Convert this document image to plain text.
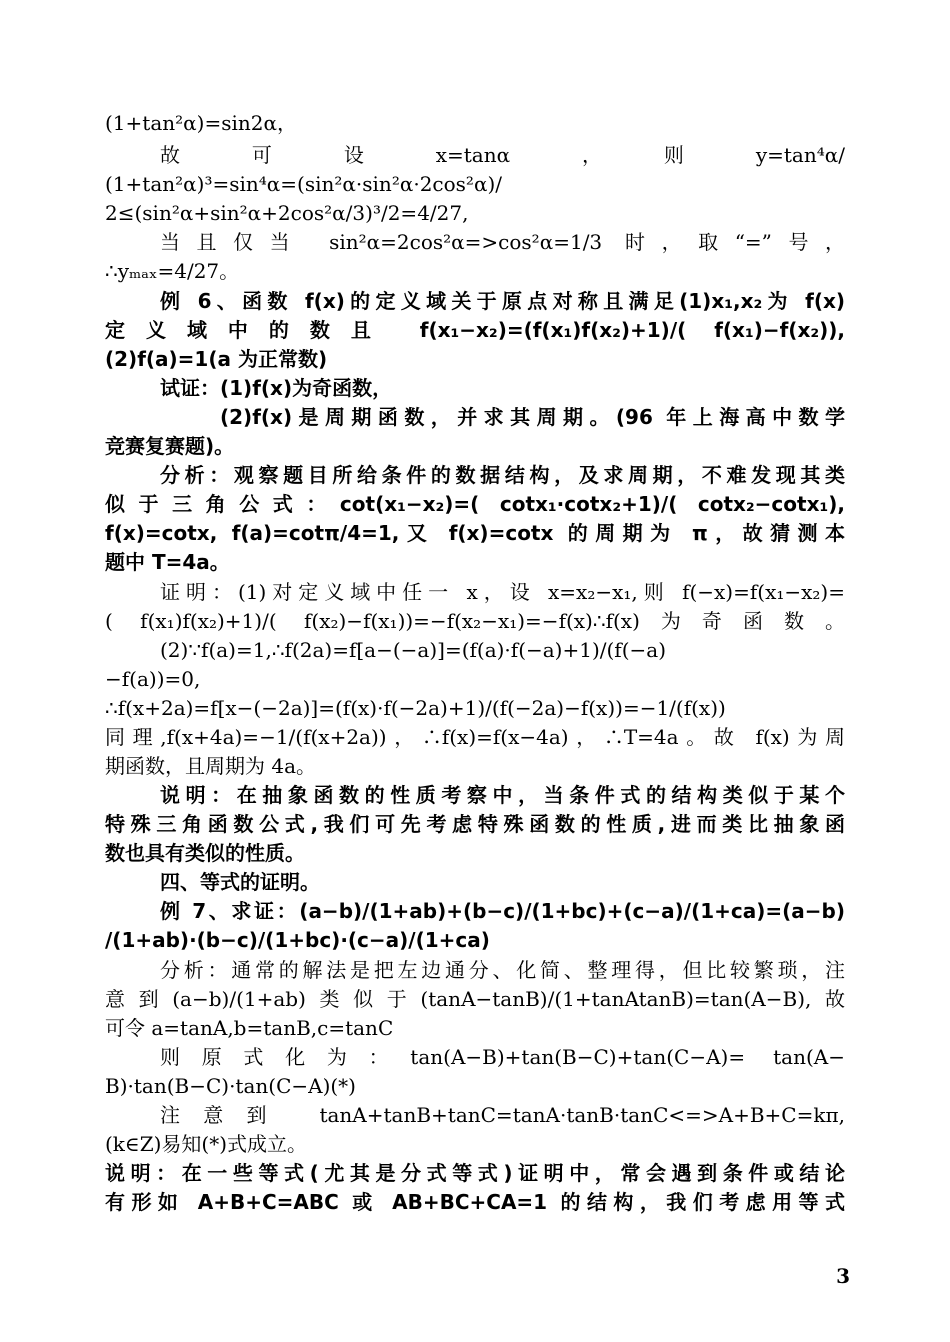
(1+tan²α)=sin2α，
故　可　设　x=tanα　，　则　y=tan⁴α/
(1+tan²α)³=sin⁴α=(sin²α·sin²α·2cos²α)/
2≤(sin²α+sin²α+2cos²α/3)³/2=4/27,
当且仅当 sin²α=2cos²α=>cos²α=1/3 时，取“=”号，
∴yₘₐₓ=4/27。
例 6、函数 f(x)的定义域关于原点对称且满足(1)x₁,x₂为 f(x)
定义域中的数且 f(x₁−x₂)=(f(x₁)f(x₂)+1)/( f(x₁)−f(x₂)),
(2)f(a)=1(a 为正常数)
试证：(1)f(x)为奇函数，
(2)f(x)是周期函数，并求其周期。(96 年上海高中数学
竞赛复赛题)。
分析：观察题目所给条件的数据结构，及求周期，不难发现其类
似于三角公式：cot(x₁−x₂)=( cotx₁·cotx₂+1)/( cotx₂−cotx₁),
f(x)=cotx, f(a)=cotπ/4=1,又 f(x)=cotx 的周期为 π，故猜测本
题中 T=4a。
证明：(1)对定义域中任一 x，设 x=x₂−x₁,则 f(−x)=f(x₁−x₂)=
( f(x₁)f(x₂)+1)/( f(x₂)−f(x₁))=−f(x₂−x₁)=−f(x)∴f(x)为奇函数。
(2)∵f(a)=1,∴f(2a)=f[a−(−a)]=(f(a)·f(−a)+1)/(f(−a)
−f(a))=0,
∴f(x+2a)=f[x−(−2a)]=(f(x)·f(−2a)+1)/(f(−2a)−f(x))=−1/(f(x))
同理,f(x+4a)=−1/(f(x+2a))，∴f(x)=f(x−4a)，∴T=4a。故 f(x)为周
期函数，且周期为 4a。
说明：在抽象函数的性质考察中，当条件式的结构类似于某个
特殊三角函数公式,我们可先考虑特殊函数的性质,进而类比抽象函
数也具有类似的性质。
四、等式的证明。
例 7、求证：(a−b)/(1+ab)+(b−c)/(1+bc)+(c−a)/(1+ca)=(a−b)
/(1+ab)·(b−c)/(1+bc)·(c−a)/(1+ca)
分析：通常的解法是把左边通分、化简、整理得，但比较繁琐，注
意到(a−b)/(1+ab)类似于(tanA−tanB)/(1+tanAtanB)=tan(A−B),故
可令 a=tanA,b=tanB,c=tanC
则原式化为：tan(A−B)+tan(B−C)+tan(C−A)= tan(A−
B)·tan(B−C)·tan(C−A)(*)
注意到 tanA+tanB+tanC=tanA·tanB·tanC<=>A+B+C=kπ,
(k∈Z)易知(*)式成立。
说明：在一些等式(尤其是分式等式)证明中，常会遇到条件或结论
有形如 A+B+C=ABC 或 AB+BC+CA=1 的结构，我们考虑用等式
3
